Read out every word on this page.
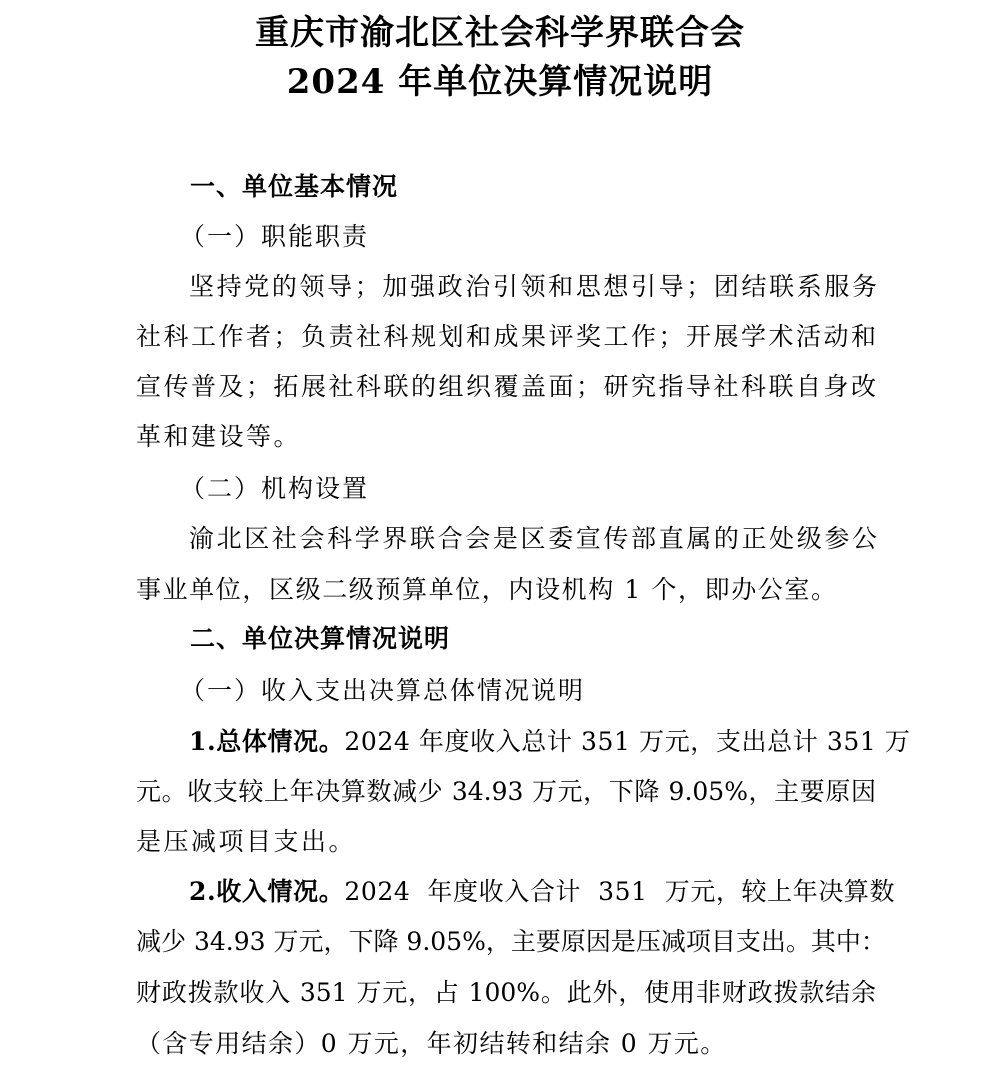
重庆市渝北区社会科学界联合会
2024 年单位决算情况说明
一、单位基本情况
（一）职能职责
坚持党的领导；加强政治引领和思想引导；团结联系服务
社科工作者；负责社科规划和成果评奖工作；开展学术活动和
宣传普及；拓展社科联的组织覆盖面；研究指导社科联自身改
革和建设等。
（二）机构设置
渝北区社会科学界联合会是区委宣传部直属的正处级参公
事业单位，区级二级预算单位，内设机构 1 个，即办公室。
二、单位决算情况说明
（一）收入支出决算总体情况说明
1.总体情况。2024 年度收入总计 351 万元，支出总计 351 万
元。收支较上年决算数减少 34.93 万元，下降 9.05%，主要原因
是压减项目支出。
2.收入情况。2024  年度收入合计  351  万元，较上年决算数
减少 34.93 万元，下降 9.05%，主要原因是压减项目支出。其中：
财政拨款收入 351 万元，占 100%。此外，使用非财政拨款结余
（含专用结余）0 万元，年初结转和结余 0 万元。
